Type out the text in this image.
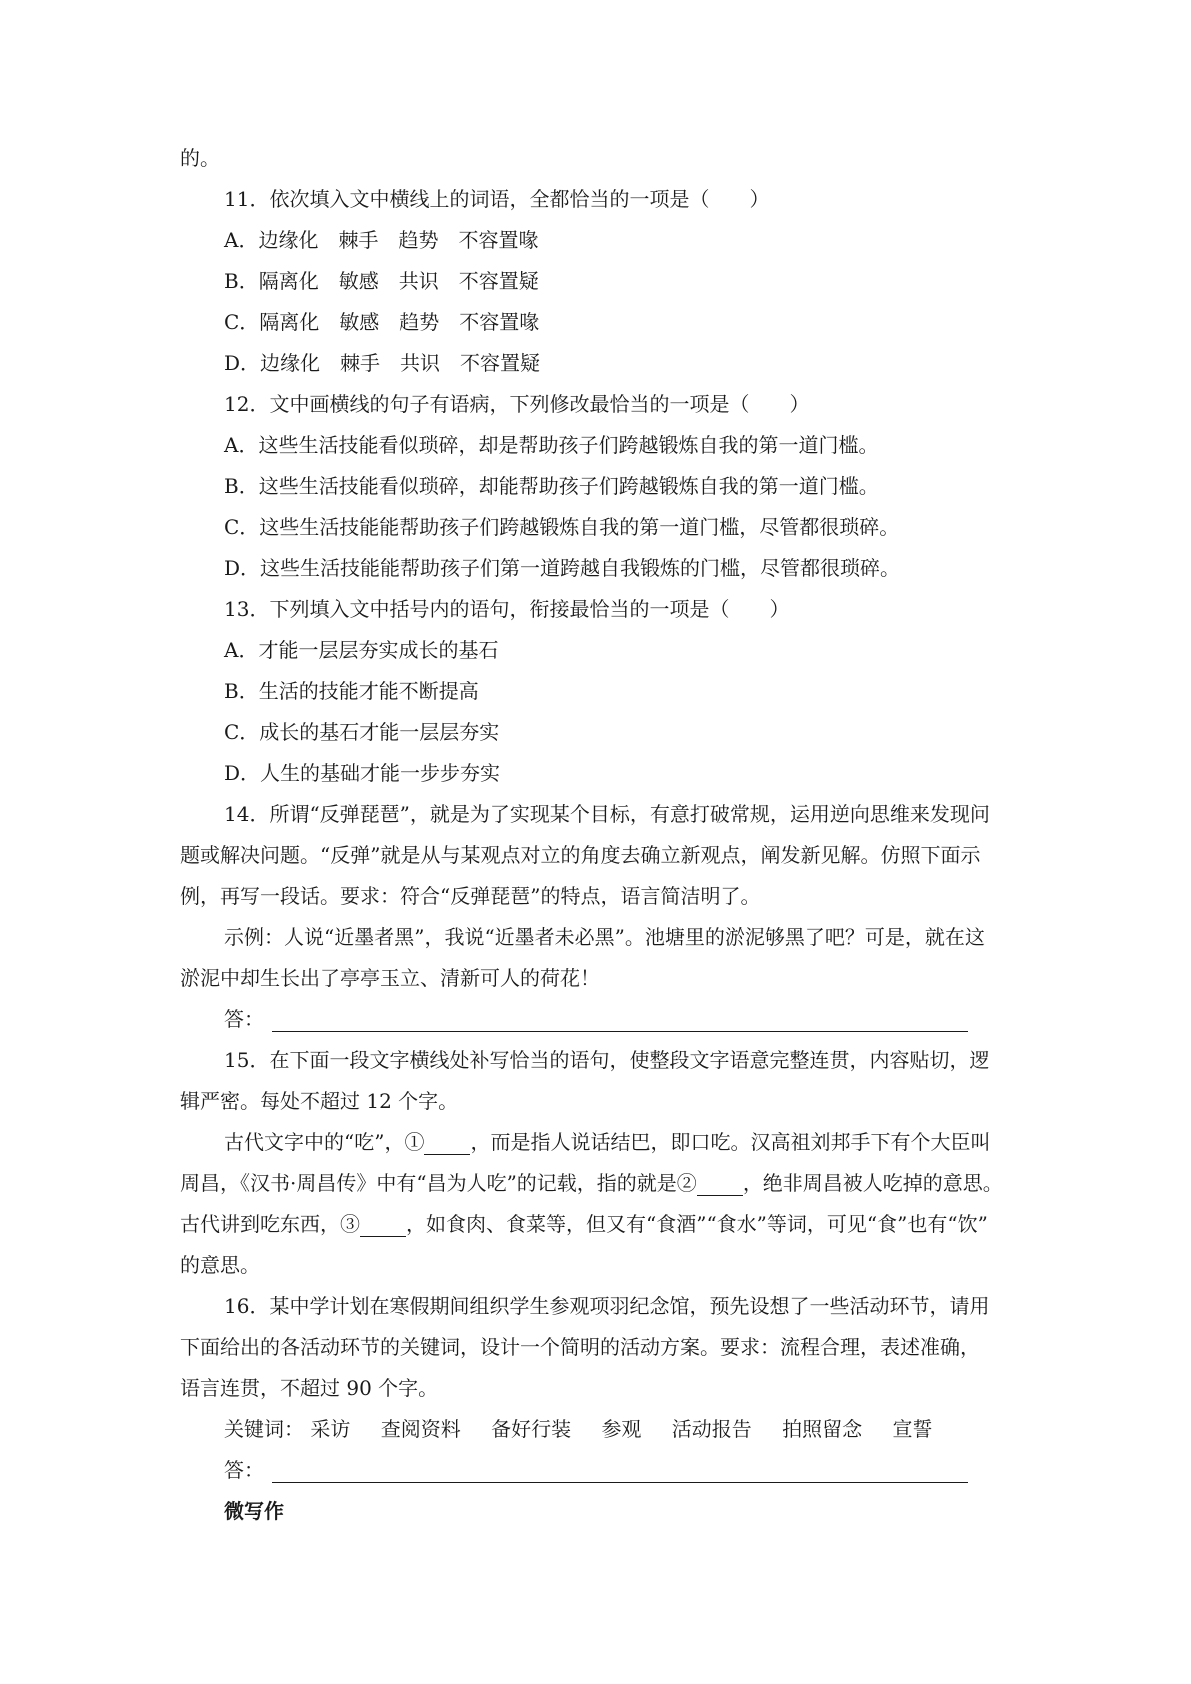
的。
11．依次填入文中横线上的词语，全都恰当的一项是（　　）
A．边缘化　棘手　趋势　不容置喙
B．隔离化　敏感　共识　不容置疑
C．隔离化　敏感　趋势　不容置喙
D．边缘化　棘手　共识　不容置疑
12．文中画横线的句子有语病，下列修改最恰当的一项是（　　）
A．这些生活技能看似琐碎，却是帮助孩子们跨越锻炼自我的第一道门槛。
B．这些生活技能看似琐碎，却能帮助孩子们跨越锻炼自我的第一道门槛。
C．这些生活技能能帮助孩子们跨越锻炼自我的第一道门槛，尽管都很琐碎。
D．这些生活技能能帮助孩子们第一道跨越自我锻炼的门槛，尽管都很琐碎。
13．下列填入文中括号内的语句，衔接最恰当的一项是（　　）
A．才能一层层夯实成长的基石
B．生活的技能才能不断提高
C．成长的基石才能一层层夯实
D．人生的基础才能一步步夯实
14．所谓“反弹琵琶”，就是为了实现某个目标，有意打破常规，运用逆向思维来发现问
题或解决问题。“反弹”就是从与某观点对立的角度去确立新观点，阐发新见解。仿照下面示
例，再写一段话。要求：符合“反弹琵琶”的特点，语言简洁明了。
示例：人说“近墨者黑”，我说“近墨者未必黑”。池塘里的淤泥够黑了吧？可是，就在这
淤泥中却生长出了亭亭玉立、清新可人的荷花！
答：
15．在下面一段文字横线处补写恰当的语句，使整段文字语意完整连贯，内容贴切，逻
辑严密。每处不超过 12 个字。
古代文字中的“吃”，① ，而是指人说话结巴，即口吃。汉高祖刘邦手下有个大臣叫
周昌，《汉书·周昌传》中有“昌为人吃”的记载，指的就是② ，绝非周昌被人吃掉的意思。
古代讲到吃东西，③ ，如食肉、食菜等，但又有“食酒”“食水”等词，可见“食”也有“饮”
的意思。
16．某中学计划在寒假期间组织学生参观项羽纪念馆，预先设想了一些活动环节，请用
下面给出的各活动环节的关键词，设计一个简明的活动方案。要求：流程合理，表述准确，
语言连贯，不超过 90 个字。
关键词： 采访 查阅资料 备好行装 参观 活动报告 拍照留念 宣誓
答：
微写作
